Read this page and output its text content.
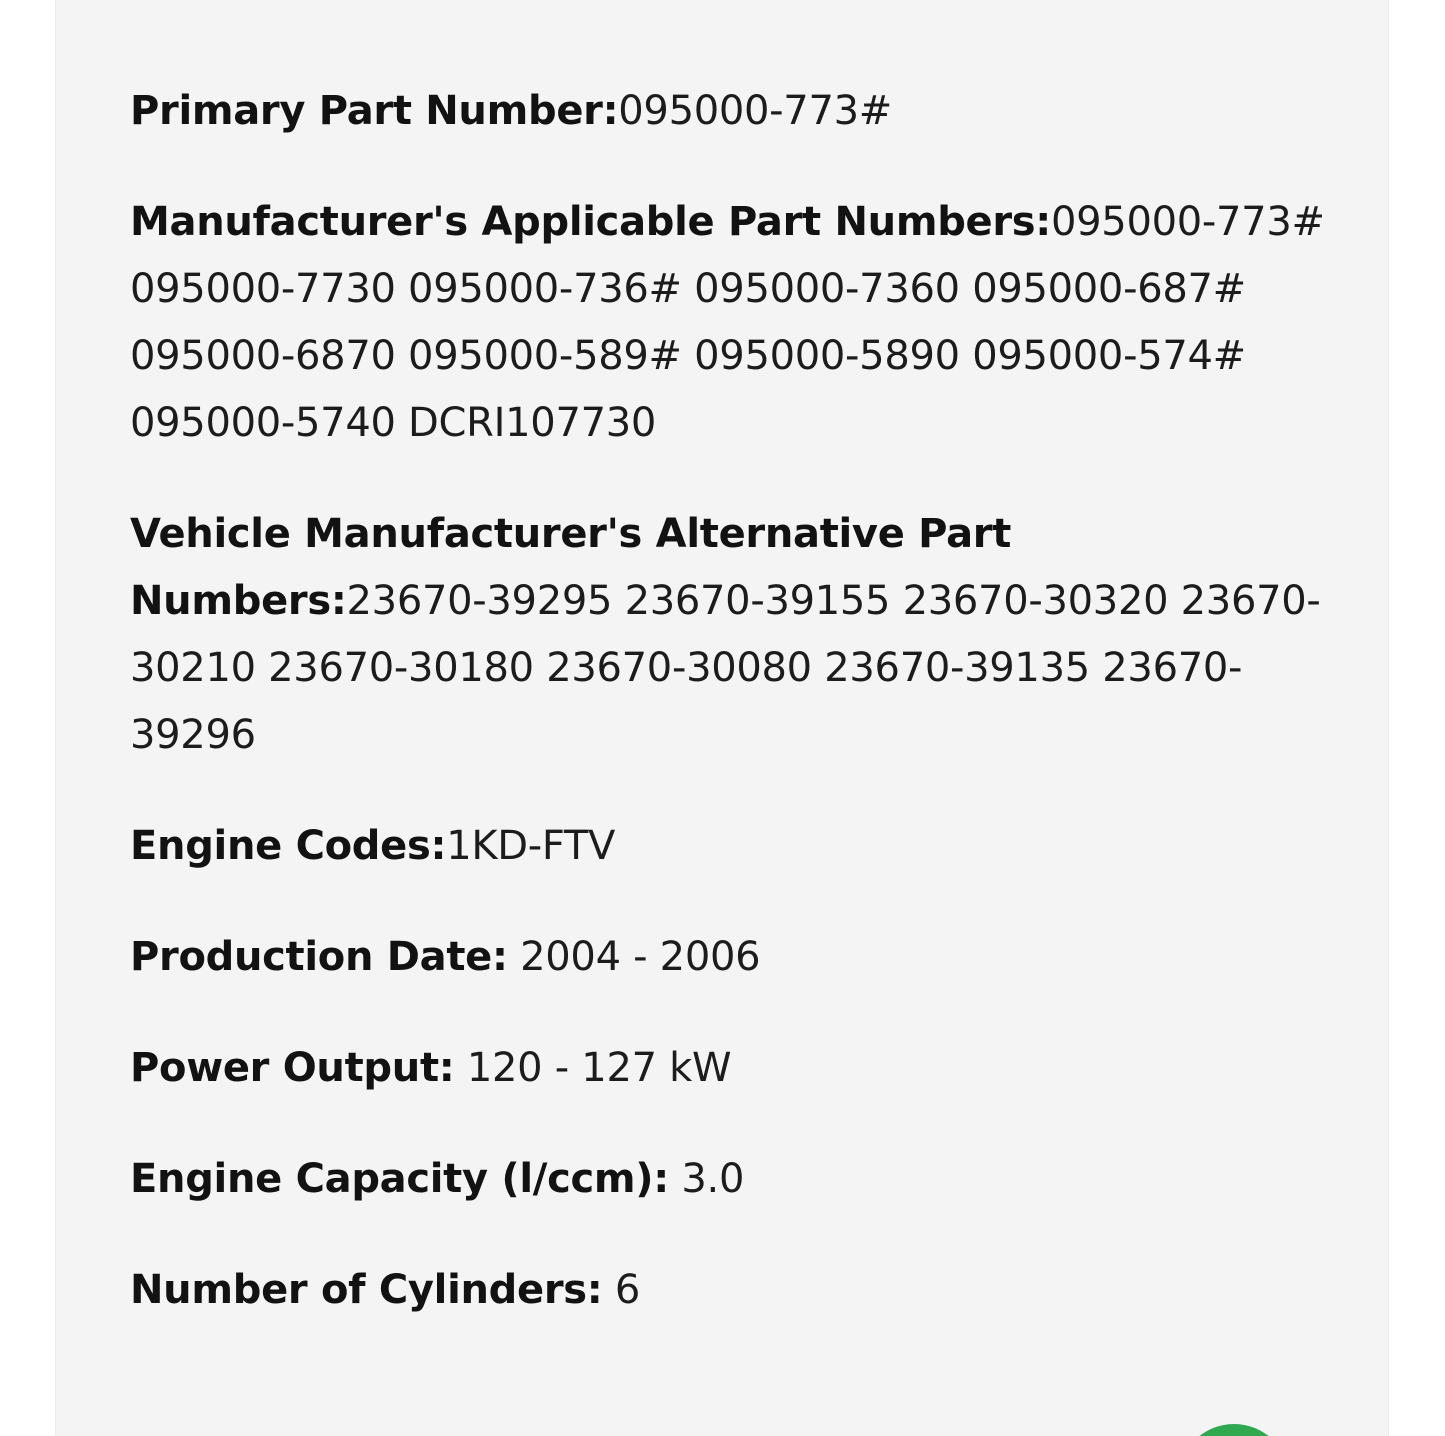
Primary Part Number:095000-773#
Manufacturer's Applicable Part Numbers:095000-773# 095000-7730 095000-736# 095000-7360 095000-687# 095000-6870 095000-589# 095000-5890 095000-574# 095000-5740 DCRI107730
Vehicle Manufacturer's Alternative Part Numbers:23670-39295 23670-39155 23670-30320 23670-30210 23670-30180 23670-30080 23670-39135 23670-39296
Engine Codes:1KD-FTV
Production Date: 2004 - 2006
Power Output: 120 - 127 kW
Engine Capacity (l/ccm): 3.0
Number of Cylinders: 6
